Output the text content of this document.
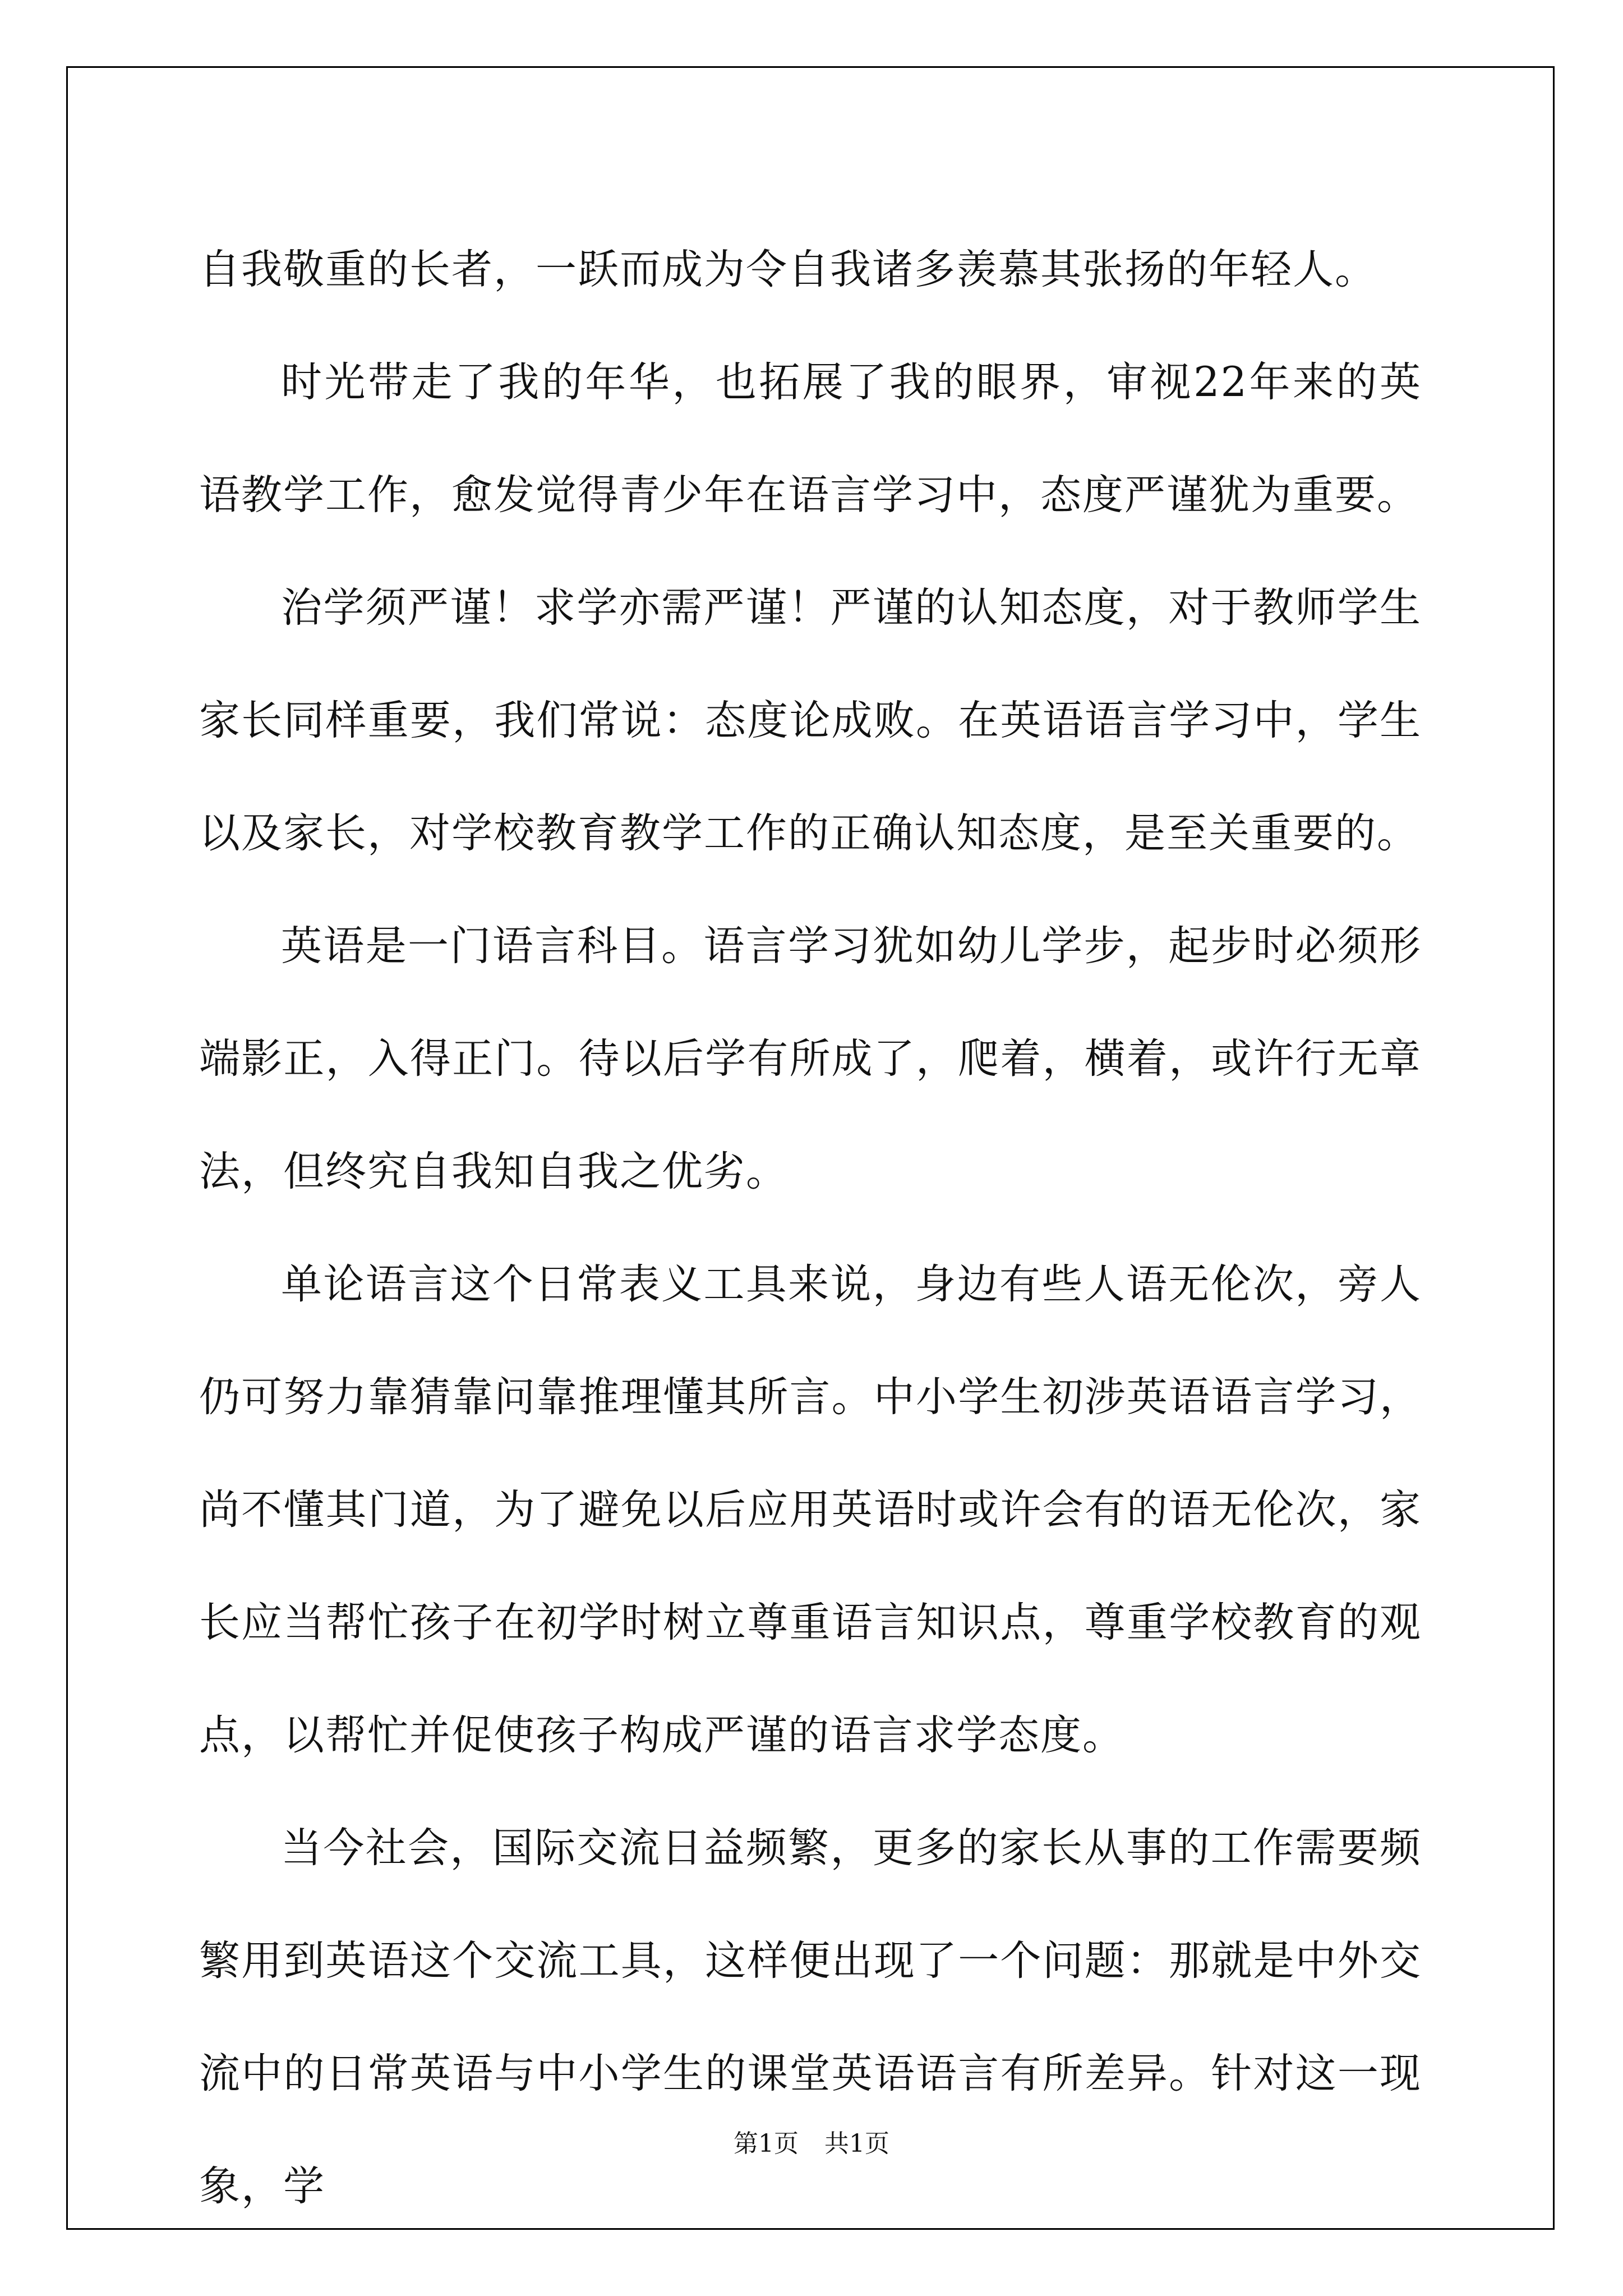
自我敬重的长者，一跃而成为令自我诸多羡慕其张扬的年轻人。

时光带走了我的年华，也拓展了我的眼界，审视22年来的英语教学工作，愈发觉得青少年在语言学习中，态度严谨犹为重要。

治学须严谨！求学亦需严谨！严谨的认知态度，对于教师学生家长同样重要，我们常说：态度论成败。在英语语言学习中，学生以及家长，对学校教育教学工作的正确认知态度，是至关重要的。

英语是一门语言科目。语言学习犹如幼儿学步，起步时必须形端影正，入得正门。待以后学有所成了，爬着，横着，或许行无章法，但终究自我知自我之优劣。

单论语言这个日常表义工具来说，身边有些人语无伦次，旁人仍可努力靠猜靠问靠推理懂其所言。中小学生初涉英语语言学习，尚不懂其门道，为了避免以后应用英语时或许会有的语无伦次，家长应当帮忙孩子在初学时树立尊重语言知识点，尊重学校教育的观点，以帮忙并促使孩子构成严谨的语言求学态度。

当今社会，国际交流日益频繁，更多的家长从事的工作需要频繁用到英语这个交流工具，这样便出现了一个问题：那就是中外交流中的日常英语与中小学生的课堂英语语言有所差异。针对这一现象，学

第1页 共1页
